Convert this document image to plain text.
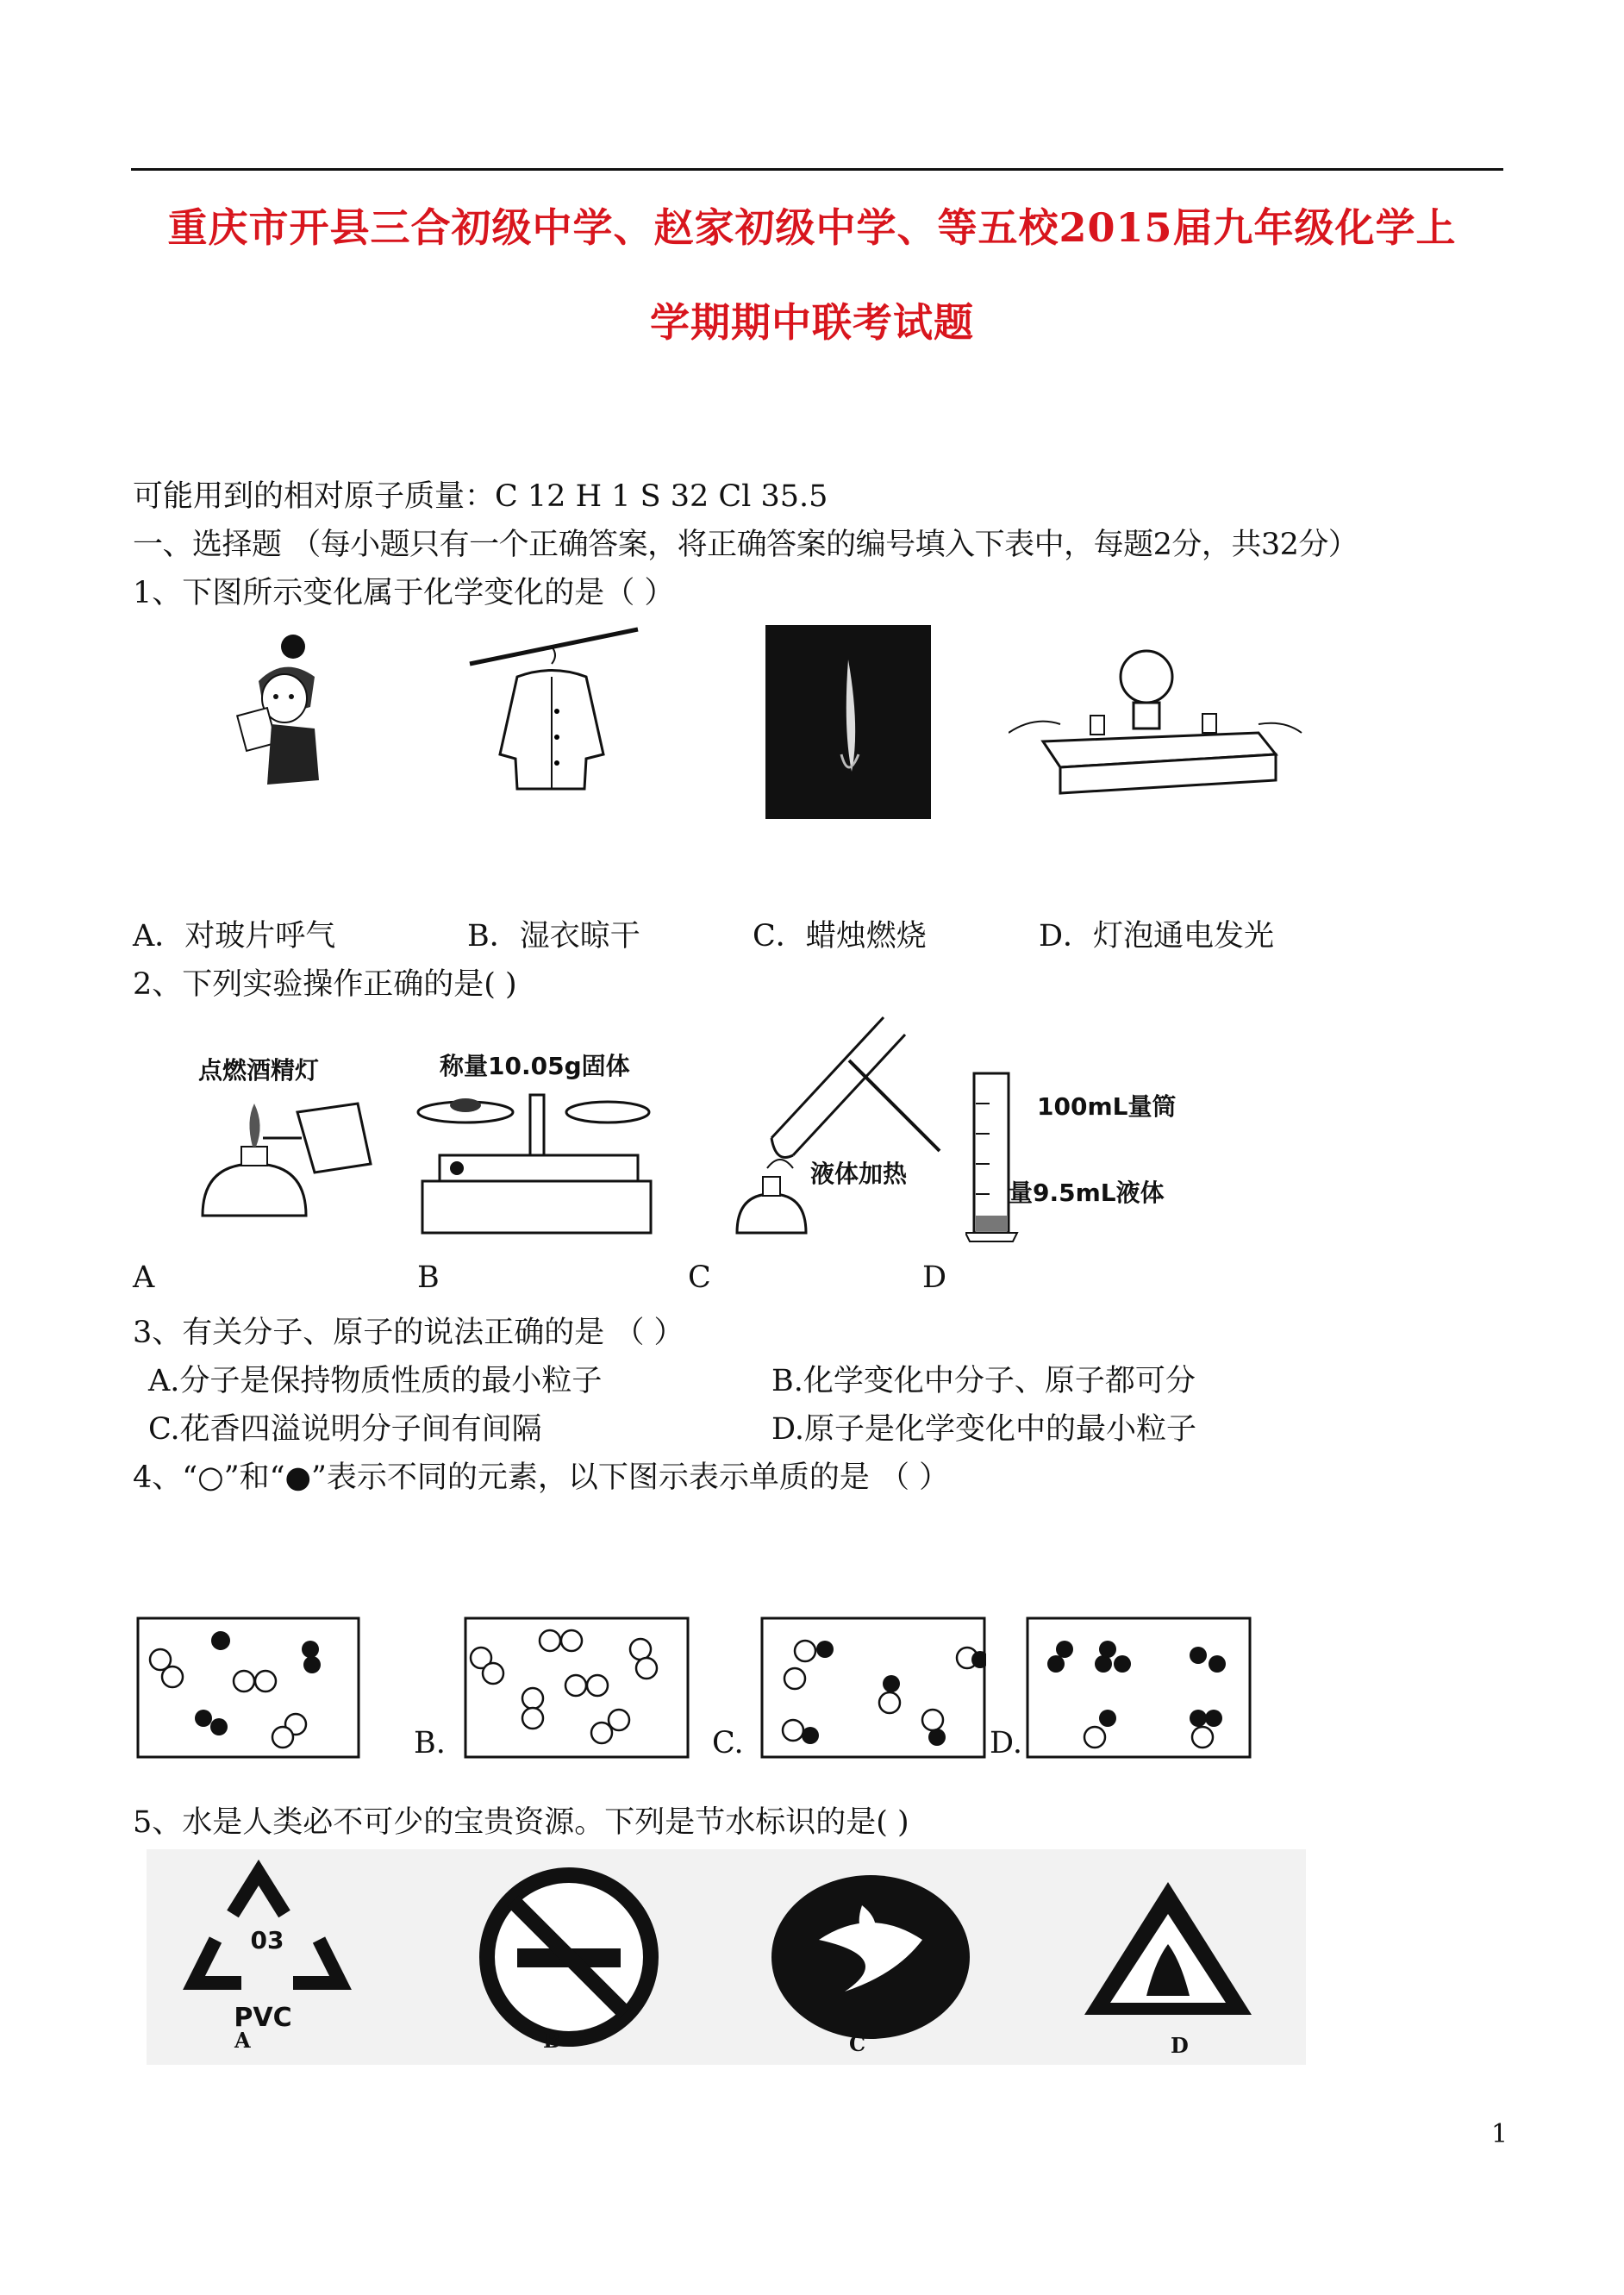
重庆市开县三合初级中学、赵家初级中学、等五校2015届九年级化学上
学期期中联考试题
可能用到的相对原子质量：C 12 H 1 S 32 Cl 35.5
一、选择题 （每小题只有一个正确答案，将正确答案的编号填入下表中，每题2分，共32分）
1、下图所示变化属于化学变化的是（ ）
A．对玻片呼气	B．湿衣晾干	C．蜡烛燃烧	D．灯泡通电发光
2、下列实验操作正确的是( )
点燃酒精灯	称量10.05g固体
液体加热
100mL量筒
量9.5mL液体
A	B	C	D
3、有关分子、原子的说法正确的是 （ ）
A.分子是保持物质性质的最小粒子	B.化学变化中分子、原子都可分
C.花香四溢说明分子间有间隔	D.原子是化学变化中的最小粒子
4、“○”和“●”表示不同的元素，以下图示表示单质的是 （ ）
B.	C.	D.
5、水是人类必不可少的宝贵资源。下列是节水标识的是( )
03
PVC
A	B	C	D
1
